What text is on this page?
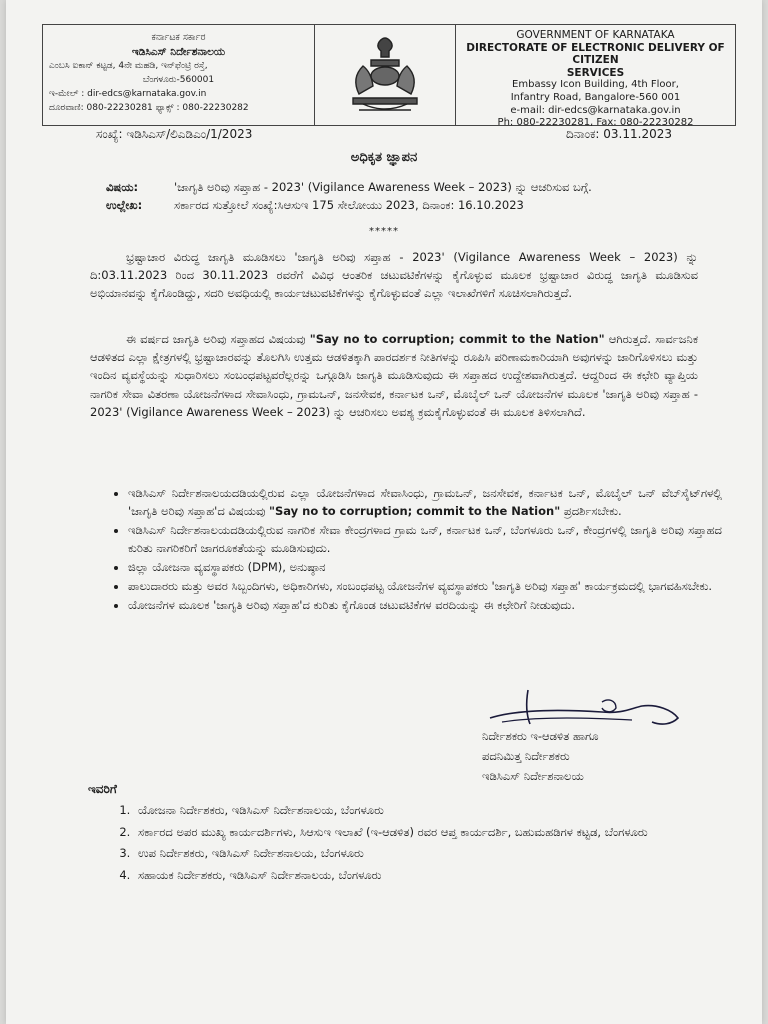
ಕರ್ನಾಟಕ ಸರ್ಕಾರ
ಇಡಿಸಿಎಸ್ ನಿರ್ದೇಶನಾಲಯ
ಎಂಬಸಿ ಐಕಾನ್ ಕಟ್ಟಡ, 4ನೇ ಮಹಡಿ, ಇನ್‌ಫೆಂಟ್ರಿ ರಸ್ತೆ,
ಬೆಂಗಳೂರು-560001
ಇ-ಮೇಲ್ : dir-edcs@karnataka.gov.in
ದೂರವಾಣಿ: 080-22230281 ಫ್ಯಾಕ್ಸ್ : 080-22230282
GOVERNMENT OF KARNATAKA
DIRECTORATE OF ELECTRONIC DELIVERY OF CITIZEN
SERVICES
Embassy Icon Building, 4th Floor,
Infantry Road, Bangalore-560 001
e-mail: dir-edcs@karnataka.gov.in
Ph: 080-22230281, Fax: 080-22230282
ಸಂಖ್ಯೆ: ಇಡಿಸಿಎಸ್/ಲಿಎಡಿಎಂ/1/2023	ದಿನಾಂಕ: 03.11.2023
ಅಧಿಕೃತ ಜ್ಞಾಪನ
ವಿಷಯ:	'ಜಾಗೃತಿ ಅರಿವು ಸಪ್ತಾಹ - 2023' (Vigilance Awareness Week – 2023) ನ್ನು ಆಚರಿಸುವ ಬಗ್ಗೆ.
ಉಲ್ಲೇಖ:	ಸರ್ಕಾರದ ಸುತ್ತೋಲೆ ಸಂಖ್ಯೆ:ಸಿಆಸುಇ 175 ಸೇಲೋಯು 2023, ದಿನಾಂಕ: 16.10.2023
*****

ಭ್ರಷ್ಟಾಚಾರ ವಿರುದ್ಧ ಜಾಗೃತಿ ಮೂಡಿಸಲು 'ಜಾಗೃತಿ ಅರಿವು ಸಪ್ತಾಹ - 2023' (Vigilance Awareness Week – 2023) ನ್ನು ದಿ:03.11.2023 ರಿಂದ 30.11.2023 ರವರೆಗೆ ವಿವಿಧ ಆಂತರಿಕ ಚಟುವಟಿಕೆಗಳನ್ನು ಕೈಗೊಳ್ಳುವ ಮೂಲಕ ಭ್ರಷ್ಟಾಚಾರ ವಿರುದ್ಧ ಜಾಗೃತಿ ಮೂಡಿಸುವ ಅಭಿಯಾನವನ್ನು ಕೈಗೊಂಡಿದ್ದು, ಸದರಿ ಅವಧಿಯಲ್ಲಿ ಕಾರ್ಯಚಟುವಟಿಕೆಗಳನ್ನು ಕೈಗೊಳ್ಳುವಂತೆ ಎಲ್ಲಾ ಇಲಾಖೆಗಳಿಗೆ ಸೂಚಿಸಲಾಗಿರುತ್ತದೆ.

ಈ ವರ್ಷದ ಜಾಗೃತಿ ಅರಿವು ಸಪ್ತಾಹದ ವಿಷಯವು "Say no to corruption; commit to the Nation" ಆಗಿರುತ್ತದೆ. ಸಾರ್ವಜನಿಕ ಆಡಳಿತದ ಎಲ್ಲಾ ಕ್ಷೇತ್ರಗಳಲ್ಲಿ ಭ್ರಷ್ಟಾಚಾರವನ್ನು ತೊಲಗಿಸಿ ಉತ್ತಮ ಆಡಳಿತಕ್ಕಾಗಿ ಪಾರದರ್ಶಕ ನೀತಿಗಳನ್ನು ರೂಪಿಸಿ ಪರಿಣಾಮಕಾರಿಯಾಗಿ ಅವುಗಳನ್ನು ಜಾರಿಗೊಳಿಸಲು ಮತ್ತು ಇಂದಿನ ವ್ಯವಸ್ಥೆಯನ್ನು ಸುಧಾರಿಸಲು ಸಂಬಂಧಪಟ್ಟವರೆಲ್ಲರನ್ನು ಒಗ್ಗೂಡಿಸಿ ಜಾಗೃತಿ ಮೂಡಿಸುವುದು ಈ ಸಪ್ತಾಹದ ಉದ್ದೇಶವಾಗಿರುತ್ತದೆ. ಆದ್ದರಿಂದ ಈ ಕಛೇರಿ ವ್ಯಾಪ್ತಿಯ ನಾಗರಿಕ ಸೇವಾ ವಿತರಣಾ ಯೋಜನೆಗಳಾದ ಸೇವಾಸಿಂಧು, ಗ್ರಾಮಒನ್, ಜನಸೇವಕ, ಕರ್ನಾಟಕ ಒನ್, ಮೊಬೈಲ್ ಒನ್ ಯೋಜನೆಗಳ ಮೂಲಕ 'ಜಾಗೃತಿ ಅರಿವು ಸಪ್ತಾಹ - 2023' (Vigilance Awareness Week – 2023) ನ್ನು ಆಚರಿಸಲು ಅವಶ್ಯ ಕ್ರಮಕೈಗೊಳ್ಳುವಂತೆ ಈ ಮೂಲಕ ತಿಳಿಸಲಾಗಿದೆ.

• ಇಡಿಸಿಎಸ್ ನಿರ್ದೇಶನಾಲಯದಡಿಯಲ್ಲಿರುವ ಎಲ್ಲಾ ಯೋಜನೆಗಳಾದ ಸೇವಾಸಿಂಧು, ಗ್ರಾಮಒನ್, ಜನಸೇವಕ, ಕರ್ನಾಟಕ ಒನ್, ಮೊಬೈಲ್ ಒನ್ ವೆಬ್‌ಸೈಟ್‌ಗಳಲ್ಲಿ 'ಜಾಗೃತಿ ಅರಿವು ಸಪ್ತಾಹ'ದ ವಿಷಯವು "Say no to corruption; commit to the Nation" ಪ್ರದರ್ಶಿಸಬೇಕು.
• ಇಡಿಸಿಎಸ್ ನಿರ್ದೇಶನಾಲಯದಡಿಯಲ್ಲಿರುವ ನಾಗರಿಕ ಸೇವಾ ಕೇಂದ್ರಗಳಾದ ಗ್ರಾಮ ಒನ್, ಕರ್ನಾಟಕ ಒನ್, ಬೆಂಗಳೂರು ಒನ್, ಕೇಂದ್ರಗಳಲ್ಲಿ ಜಾಗೃತಿ ಅರಿವು ಸಪ್ತಾಹದ ಕುರಿತು ನಾಗರಿಕರಿಗೆ ಜಾಗರೂಕತೆಯನ್ನು ಮೂಡಿಸುವುದು.
• ಜಿಲ್ಲಾ ಯೋಜನಾ ವ್ಯವಸ್ಥಾಪಕರು (DPM), ಅನುಷ್ಠಾನ
• ಪಾಲುದಾರರು ಮತ್ತು ಅವರ ಸಿಬ್ಬಂದಿಗಳು, ಅಧಿಕಾರಿಗಳು, ಸಂಬಂಧಪಟ್ಟ ಯೋಜನೆಗಳ ವ್ಯವಸ್ಥಾಪಕರು 'ಜಾಗೃತಿ ಅರಿವು ಸಪ್ತಾಹ' ಕಾರ್ಯಕ್ರಮದಲ್ಲಿ ಭಾಗವಹಿಸಬೇಕು.
• ಯೋಜನೆಗಳ ಮೂಲಕ 'ಜಾಗೃತಿ ಅರಿವು ಸಪ್ತಾಹ'ದ ಕುರಿತು ಕೈಗೊಂಡ ಚಟುವಟಿಕೆಗಳ ವರದಿಯನ್ನು ಈ ಕಛೇರಿಗೆ ನೀಡುವುದು.
ನಿರ್ದೇಶಕರು ಇ-ಆಡಳಿತ ಹಾಗೂ
ಪದನಿಮಿತ್ತ ನಿರ್ದೇಶಕರು
ಇಡಿಸಿಎಸ್ ನಿರ್ದೇಶನಾಲಯ
ಇವರಿಗೆ
1. ಯೋಜನಾ ನಿರ್ದೇಶಕರು, ಇಡಿಸಿಎಸ್ ನಿರ್ದೇಶನಾಲಯ, ಬೆಂಗಳೂರು
2. ಸರ್ಕಾರದ ಅಪರ ಮುಖ್ಯ ಕಾರ್ಯದರ್ಶಿಗಳು, ಸಿಆಸುಇ ಇಲಾಖೆ (ಇ-ಆಡಳಿತ) ರವರ ಆಪ್ತ ಕಾರ್ಯದರ್ಶಿ, ಬಹುಮಹಡಿಗಳ ಕಟ್ಟಡ, ಬೆಂಗಳೂರು
3. ಉಪ ನಿರ್ದೇಶಕರು, ಇಡಿಸಿಎಸ್ ನಿರ್ದೇಶನಾಲಯ, ಬೆಂಗಳೂರು
4. ಸಹಾಯಕ ನಿರ್ದೇಶಕರು, ಇಡಿಸಿಎಸ್ ನಿರ್ದೇಶನಾಲಯ, ಬೆಂಗಳೂರು
